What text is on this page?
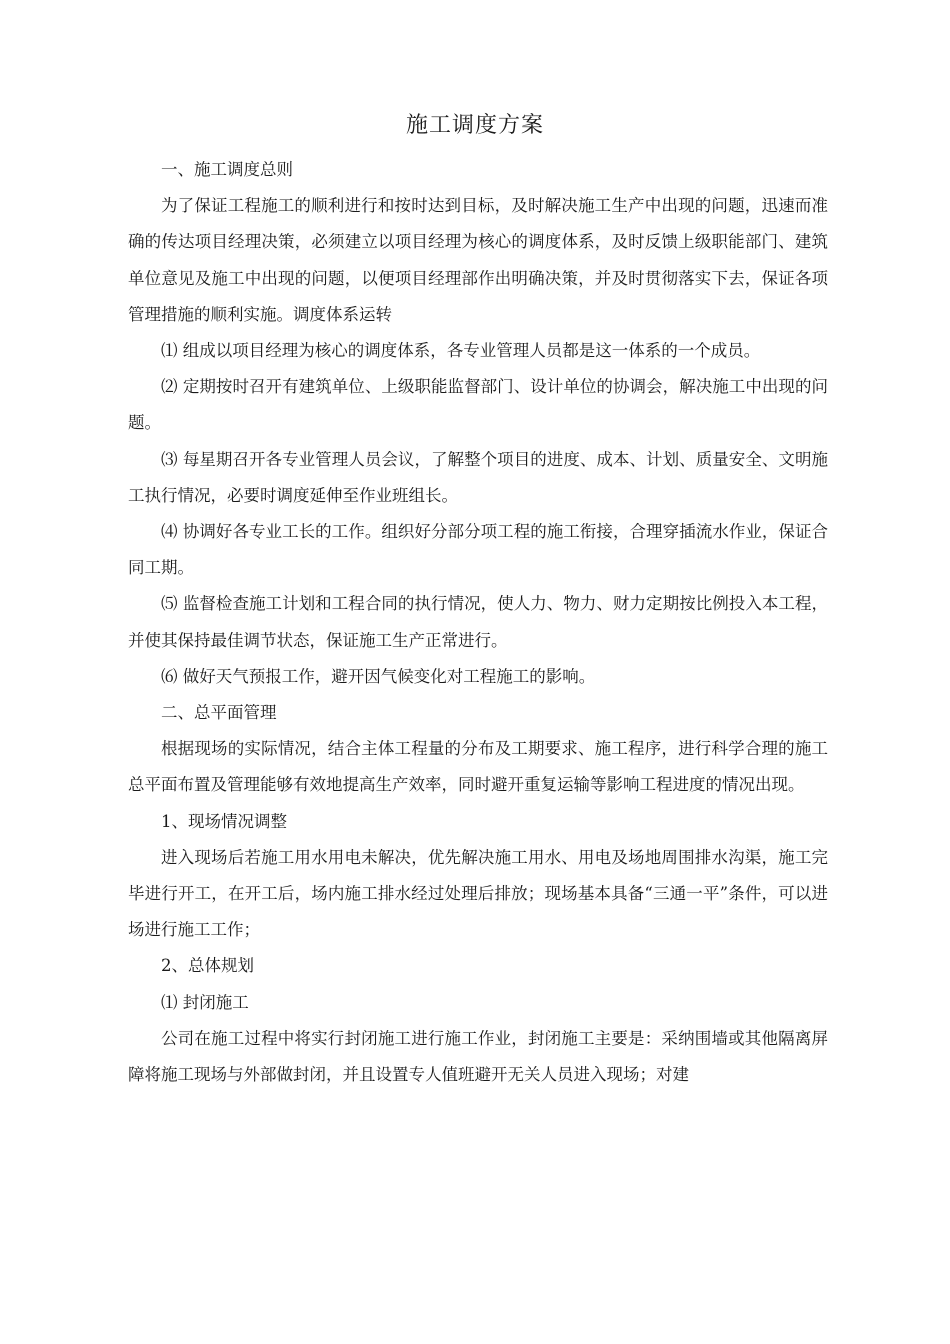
施工调度方案

一、施工调度总则

为了保证工程施工的顺利进行和按时达到目标，及时解决施工生产中出现的问题，迅速而准确的传达项目经理决策，必须建立以项目经理为核心的调度体系，及时反馈上级职能部门、建筑单位意见及施工中出现的问题，以便项目经理部作出明确决策，并及时贯彻落实下去，保证各项管理措施的顺利实施。调度体系运转

⑴ 组成以项目经理为核心的调度体系，各专业管理人员都是这一体系的一个成员。

⑵ 定期按时召开有建筑单位、上级职能监督部门、设计单位的协调会，解决施工中出现的问题。

⑶ 每星期召开各专业管理人员会议，了解整个项目的进度、成本、计划、质量安全、文明施工执行情况，必要时调度延伸至作业班组长。

⑷ 协调好各专业工长的工作。组织好分部分项工程的施工衔接，合理穿插流水作业，保证合同工期。

⑸ 监督检查施工计划和工程合同的执行情况，使人力、物力、财力定期按比例投入本工程，并使其保持最佳调节状态，保证施工生产正常进行。

⑹ 做好天气预报工作，避开因气候变化对工程施工的影响。

二、总平面管理

根据现场的实际情况，结合主体工程量的分布及工期要求、施工程序，进行科学合理的施工总平面布置及管理能够有效地提高生产效率，同时避开重复运输等影响工程进度的情况出现。

1、现场情况调整

进入现场后若施工用水用电未解决，优先解决施工用水、用电及场地周围排水沟渠，施工完毕进行开工，在开工后，场内施工排水经过处理后排放；现场基本具备“三通一平”条件，可以进场进行施工工作；

2、总体规划

⑴ 封闭施工

公司在施工过程中将实行封闭施工进行施工作业，封闭施工主要是：采纳围墙或其他隔离屏障将施工现场与外部做封闭，并且设置专人值班避开无关人员进入现场；对建
